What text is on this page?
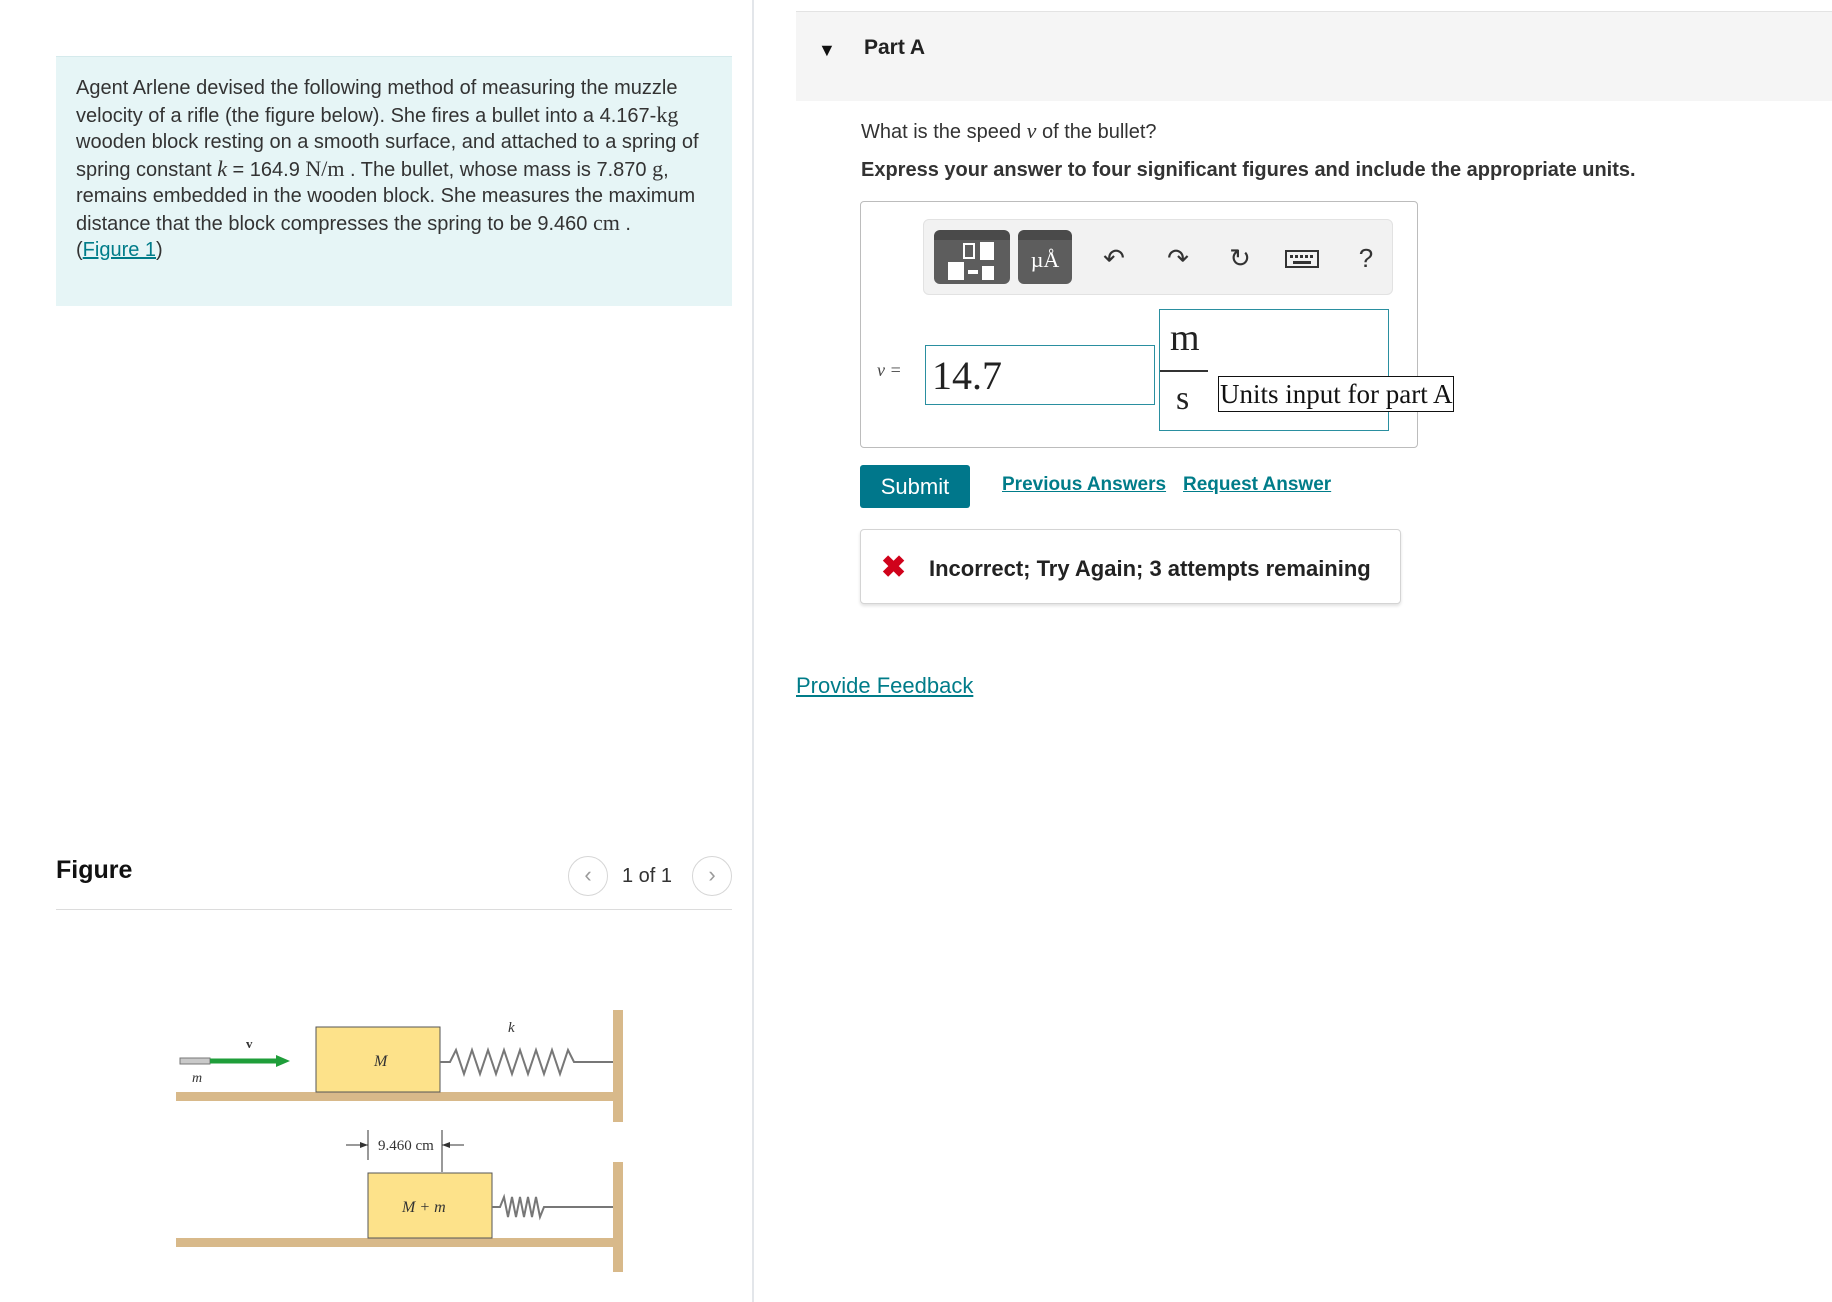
Agent Arlene devised the following method of measuring the muzzle velocity of a rifle (the figure below). She fires a bullet into a 4.167-kg wooden block resting on a smooth surface, and attached to a spring of spring constant k = 164.9 N/m . The bullet, whose mass is 7.870 g, remains embedded in the wooden block. She measures the maximum distance that the block compresses the spring to be 9.460 cm .
(Figure 1)

Figure	‹	1 of 1	›
M
k
m
v
9.460 cm
M + m
▼ Part A
What is the speed v of the bullet?
Express your answer to four significant figures and include the appropriate units.
µÅ	↶	↷	↻	?
v =
14.7
m
s Units input for part A
Submit	Previous Answers Request Answer
✖ Incorrect; Try Again; 3 attempts remaining
Provide Feedback
